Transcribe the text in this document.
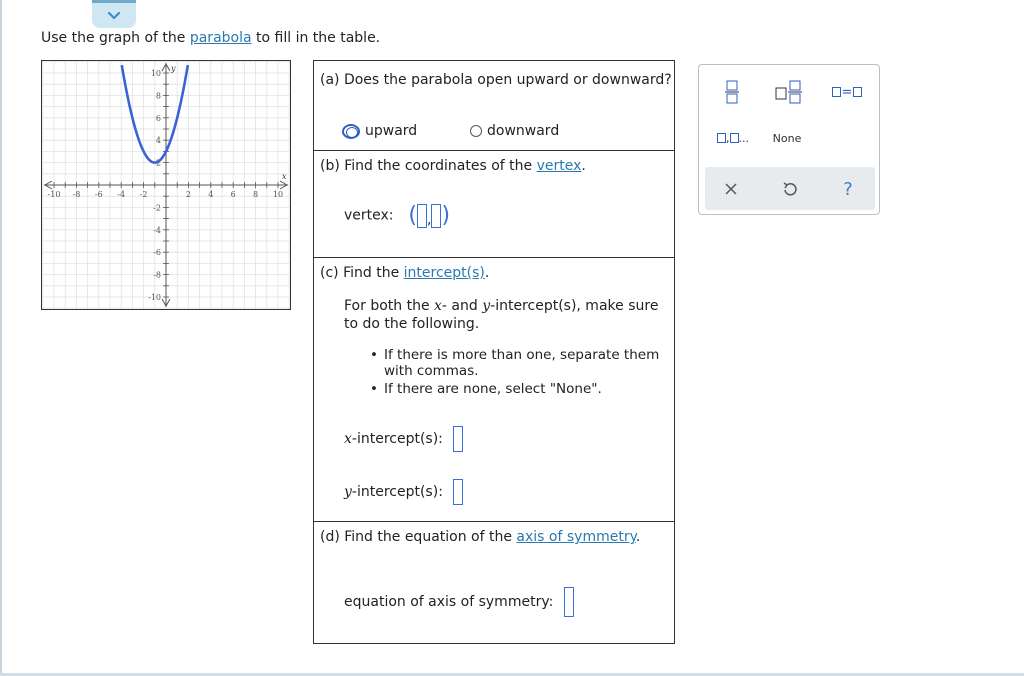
Use the graph of the parabola to fill in the table.
-10 -8 -6 -4 -2	2 4 6 8 10
10
8
6
4
2
-2
-4
-6
-8
-10
x
y
(a) Does the parabola open upward or downward?
upward	downward
(b) Find the coordinates of the vertex.
vertex: ( , )
(c) Find the intercept(s).
For both the x- and y-intercept(s), make sure
to do the following.
• If there is more than one, separate them
with commas.
• If there are none, select "None".
x-intercept(s):
y-intercept(s):
(d) Find the equation of the axis of symmetry.
equation of axis of symmetry:
=
, ...	None
?
